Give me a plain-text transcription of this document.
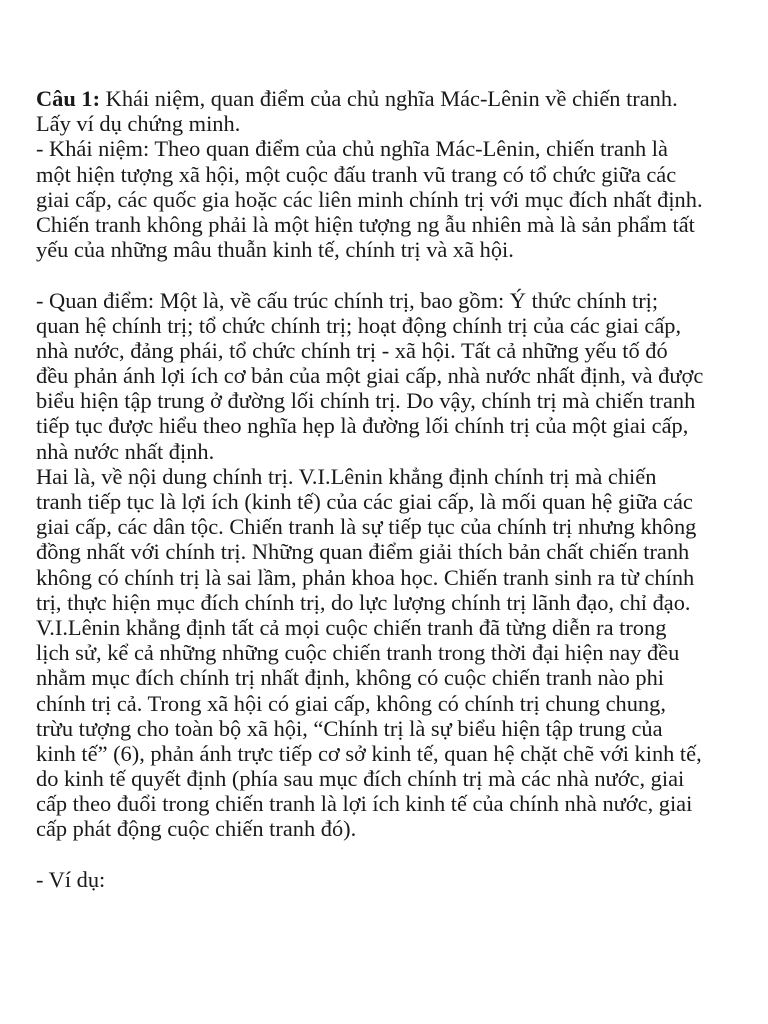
Câu 1: Khái niệm, quan điểm của chủ nghĩa Mác-Lênin về chiến tranh.
Lấy ví dụ chứng minh.
- Khái niệm: Theo quan điểm của chủ nghĩa Mác-Lênin, chiến tranh là
một hiện tượng xã hội, một cuộc đấu tranh vũ trang có tổ chức giữa các
giai cấp, các quốc gia hoặc các liên minh chính trị với mục đích nhất định.
Chiến tranh không phải là một hiện tượng ng ẫu nhiên mà là sản phẩm tất
yếu của những mâu thuẫn kinh tế, chính trị và xã hội.
- Quan điểm: Một là, về cấu trúc chính trị, bao gồm: Ý thức chính trị;
quan hệ chính trị; tổ chức chính trị; hoạt động chính trị của các giai cấp,
nhà nước, đảng phái, tổ chức chính trị - xã hội. Tất cả những yếu tố đó
đều phản ánh lợi ích cơ bản của một giai cấp, nhà nước nhất định, và được
biểu hiện tập trung ở đường lối chính trị. Do vậy, chính trị mà chiến tranh
tiếp tục được hiểu theo nghĩa hẹp là đường lối chính trị của một giai cấp,
nhà nước nhất định.
Hai là, về nội dung chính trị. V.I.Lênin khẳng định chính trị mà chiến
tranh tiếp tục là lợi ích (kinh tế) của các giai cấp, là mối quan hệ giữa các
giai cấp, các dân tộc. Chiến tranh là sự tiếp tục của chính trị nhưng không
đồng nhất với chính trị. Những quan điểm giải thích bản chất chiến tranh
không có chính trị là sai lầm, phản khoa học. Chiến tranh sinh ra từ chính
trị, thực hiện mục đích chính trị, do lực lượng chính trị lãnh đạo, chỉ đạo.
V.I.Lênin khẳng định tất cả mọi cuộc chiến tranh đã từng diễn ra trong
lịch sử, kể cả những những cuộc chiến tranh trong thời đại hiện nay đều
nhằm mục đích chính trị nhất định, không có cuộc chiến tranh nào phi
chính trị cả. Trong xã hội có giai cấp, không có chính trị chung chung,
trừu tượng cho toàn bộ xã hội, “Chính trị là sự biểu hiện tập trung của
kinh tế” (6), phản ánh trực tiếp cơ sở kinh tế, quan hệ chặt chẽ với kinh tế,
do kinh tế quyết định (phía sau mục đích chính trị mà các nhà nước, giai
cấp theo đuổi trong chiến tranh là lợi ích kinh tế của chính nhà nước, giai
cấp phát động cuộc chiến tranh đó).
- Ví dụ:
